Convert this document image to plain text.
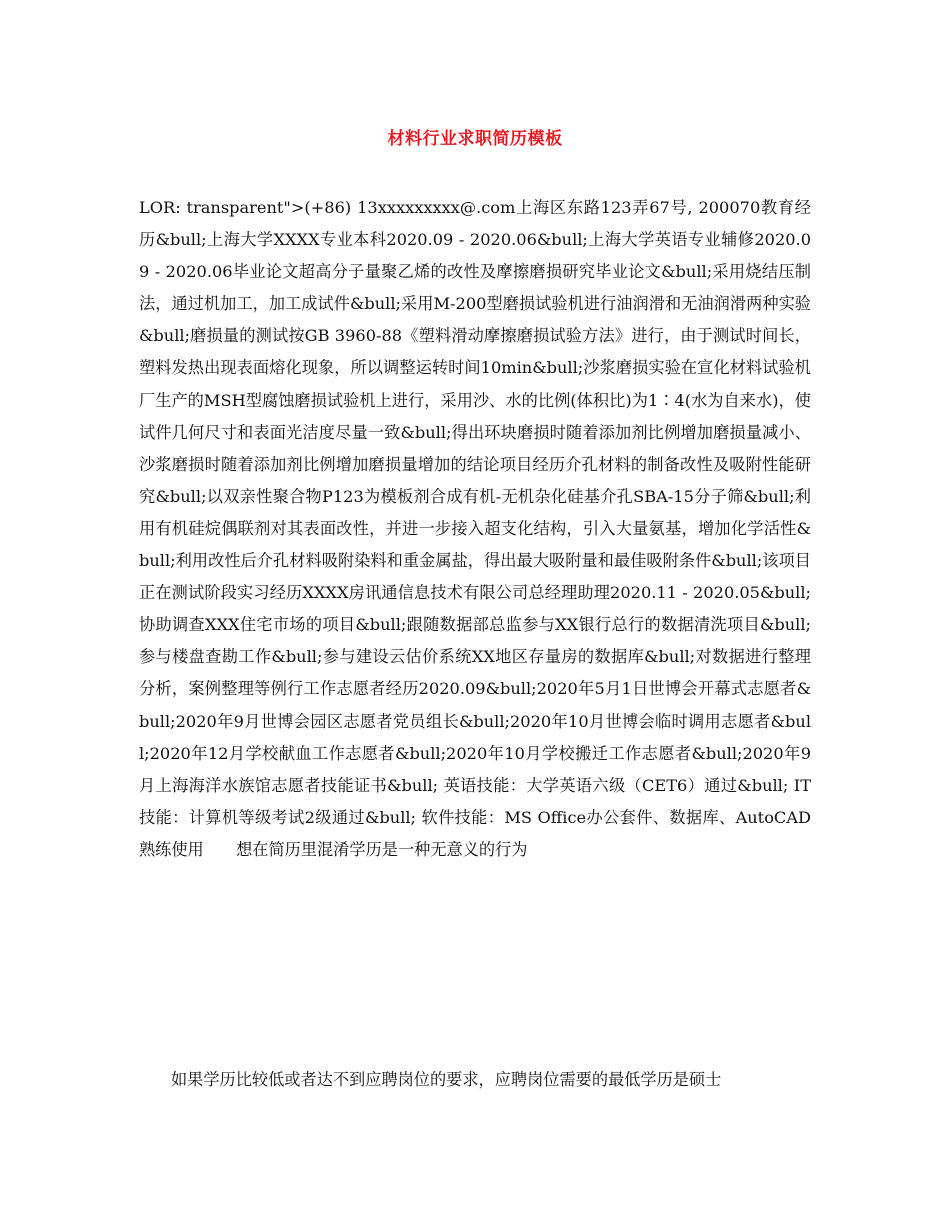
材料行业求职简历模板

LOR: transparent">(+86) 13xxxxxxxxx@.com上海区东路123弄67号, 200070教育经历&bull;上海大学XXXX专业本科2020.09 - 2020.06&bull;上海大学英语专业辅修2020.09 - 2020.06毕业论文超高分子量聚乙烯的改性及摩擦磨损研究毕业论文&bull;采用烧结压制法，通过机加工，加工成试件&bull;采用M-200型磨损试验机进行油润滑和无油润滑两种实验&bull;磨损量的测试按GB 3960-88《塑料滑动摩擦磨损试验方法》进行，由于测试时间长，塑料发热出现表面熔化现象，所以调整运转时间10min&bull;沙浆磨损实验在宣化材料试验机厂生产的MSH型腐蚀磨损试验机上进行，采用沙、水的比例(体积比)为1∶4(水为自来水)，使试件几何尺寸和表面光洁度尽量一致&bull;得出环块磨损时随着添加剂比例增加磨损量减小、沙浆磨损时随着添加剂比例增加磨损量增加的结论项目经历介孔材料的制备改性及吸附性能研究&bull;以双亲性聚合物P123为模板剂合成有机-无机杂化硅基介孔SBA-15分子筛&bull;利用有机硅烷偶联剂对其表面改性，并进一步接入超支化结构，引入大量氨基，增加化学活性&bull;利用改性后介孔材料吸附染料和重金属盐，得出最大吸附量和最佳吸附条件&bull;该项目正在测试阶段实习经历XXXX房讯通信息技术有限公司总经理助理2020.11 - 2020.05&bull;协助调查XXX住宅市场的项目&bull;跟随数据部总监参与XX银行总行的数据清洗项目&bull;参与楼盘查勘工作&bull;参与建设云估价系统XX地区存量房的数据库&bull;对数据进行整理分析，案例整理等例行工作志愿者经历2020.09&bull;2020年5月1日世博会开幕式志愿者&bull;2020年9月世博会园区志愿者党员组长&bull;2020年10月世博会临时调用志愿者&bull;2020年12月学校献血工作志愿者&bull;2020年10月学校搬迁工作志愿者&bull;2020年9月上海海洋水族馆志愿者技能证书&bull; 英语技能：大学英语六级（CET6）通过&bull; IT技能：计算机等级考试2级通过&bull; 软件技能：MS Office办公套件、数据库、AutoCAD熟练使用　　想在简历里混淆学历是一种无意义的行为

如果学历比较低或者达不到应聘岗位的要求，应聘岗位需要的最低学历是硕士
